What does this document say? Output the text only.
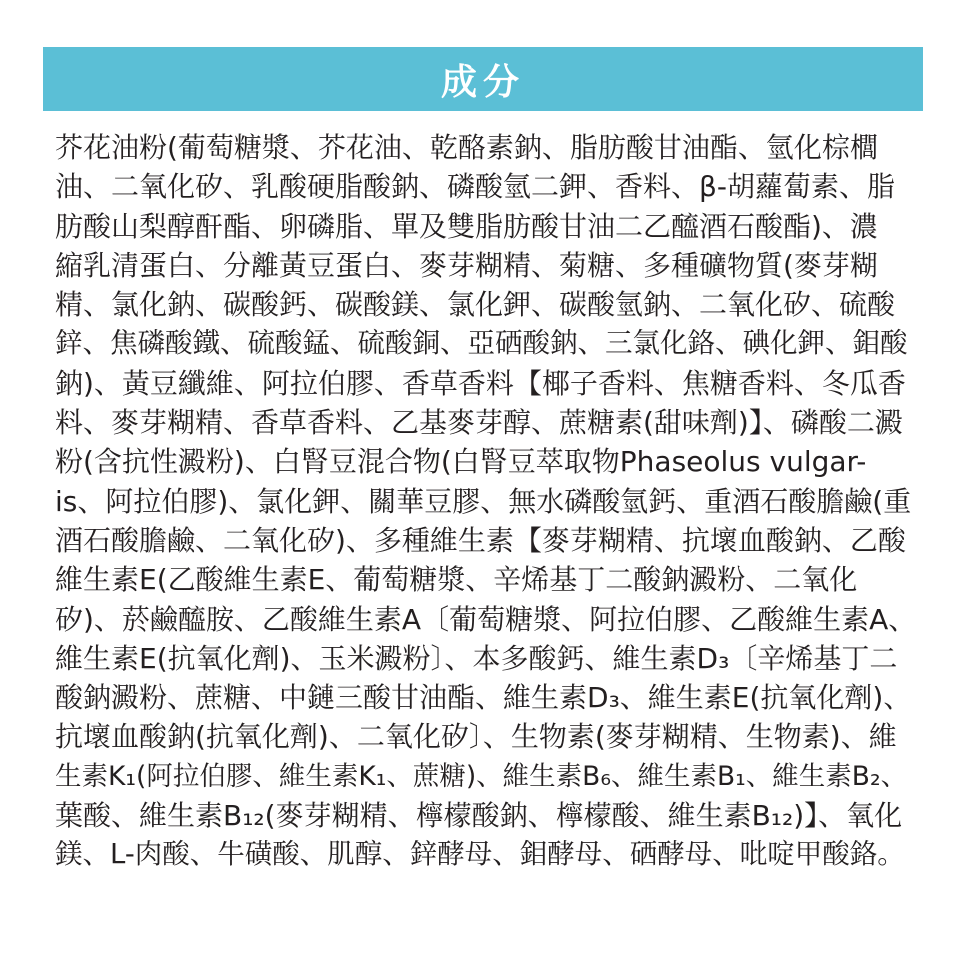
成分
芥花油粉(葡萄糖漿、芥花油、乾酪素鈉、脂肪酸甘油酯、氫化棕櫚
油、二氧化矽、乳酸硬脂酸鈉、磷酸氫二鉀、香料、β-胡蘿蔔素、脂
肪酸山梨醇酐酯、卵磷脂、單及雙脂肪酸甘油二乙醯酒石酸酯)、濃
縮乳清蛋白、分離黃豆蛋白、麥芽糊精、菊糖、多種礦物質(麥芽糊
精、氯化鈉、碳酸鈣、碳酸鎂、氯化鉀、碳酸氫鈉、二氧化矽、硫酸
鋅、焦磷酸鐵、硫酸錳、硫酸銅、亞硒酸鈉、三氯化鉻、碘化鉀、鉬酸
鈉)、黃豆纖維、阿拉伯膠、香草香料【椰子香料、焦糖香料、冬瓜香
料、麥芽糊精、香草香料、乙基麥芽醇、蔗糖素(甜味劑)】、磷酸二澱
粉(含抗性澱粉)、白腎豆混合物(白腎豆萃取物Phaseolus vulgar-
is、阿拉伯膠)、氯化鉀、關華豆膠、無水磷酸氫鈣、重酒石酸膽鹼(重
酒石酸膽鹼、二氧化矽)、多種維生素【麥芽糊精、抗壞血酸鈉、乙酸
維生素E(乙酸維生素E、葡萄糖漿、辛烯基丁二酸鈉澱粉、二氧化
矽)、菸鹼醯胺、乙酸維生素A〔葡萄糖漿、阿拉伯膠、乙酸維生素A、
維生素E(抗氧化劑)、玉米澱粉〕、本多酸鈣、維生素D₃〔辛烯基丁二
酸鈉澱粉、蔗糖、中鏈三酸甘油酯、維生素D₃、維生素E(抗氧化劑)、
抗壞血酸鈉(抗氧化劑)、二氧化矽〕、生物素(麥芽糊精、生物素)、維
生素K₁(阿拉伯膠、維生素K₁、蔗糖)、維生素B₆、維生素B₁、維生素B₂、
葉酸、維生素B₁₂(麥芽糊精、檸檬酸鈉、檸檬酸、維生素B₁₂)】、氧化
鎂、L-肉酸、牛磺酸、肌醇、鋅酵母、鉬酵母、硒酵母、吡啶甲酸鉻。
